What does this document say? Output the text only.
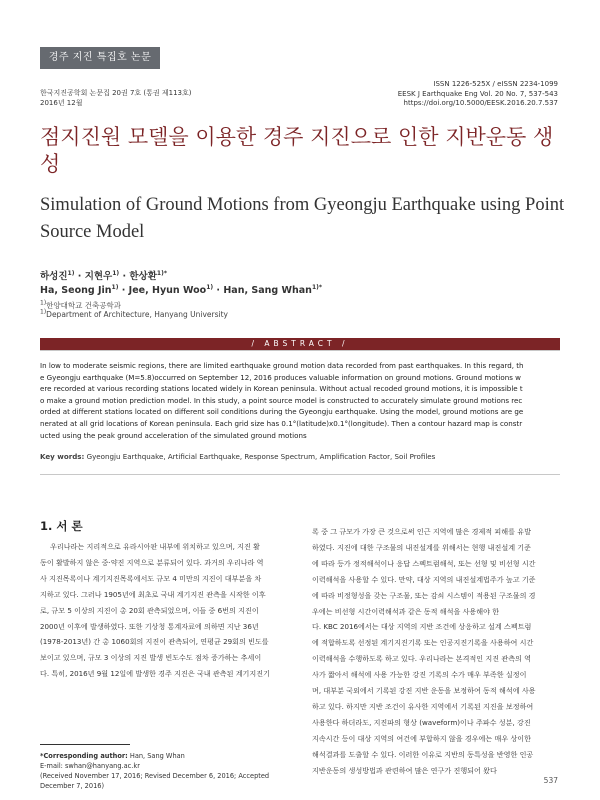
경주 지진 특집호 논문
한국지진공학회 논문집 20권 7호 (통권 제113호)
2016년 12월
ISSN 1226-525X / eISSN 2234-1099
EESK J Earthquake Eng Vol. 20 No. 7, 537-543
https://doi.org/10.5000/EESK.2016.20.7.537
점지진원 모델을 이용한 경주 지진으로 인한 지반운동 생성
Simulation of Ground Motions from Gyeongju Earthquake using Point Source Model
하성진$^{1)}$ · 지현우$^{1)}$ · 한상환$^{1)*}$
Ha, Seong Jin$^{1)}$ · Jee, Hyun Woo$^{1)}$ · Han, Sang Whan$^{1)*}$
$^{1)}$한양대학교 건축공학과
$^{1)}$Department of Architecture, Hanyang University
/ ABSTRACT /
In low to moderate seismic regions, there are limited earthquake ground motion data recorded from past earthquakes. In this regard, th
e Gyeongju earthquake (M=5.8)occurred on September 12, 2016 produces valuable information on ground motions. Ground motions w
ere recorded at various recording stations located widely in Korean peninsula. Without actual recoded ground motions, it is impossible t
o make a ground motion prediction model. In this study, a point source model is constructed to accurately simulate ground motions rec
orded at different stations located on different soil conditions during the Gyeongju earthquake. Using the model, ground motions are ge
nerated at all grid locations of Korean peninsula. Each grid size has 0.1°(latitude)x0.1°(longitude). Then a contour hazard map is constr
ucted using the peak ground acceleration of the simulated ground motions
Key words: Gyeongju Earthquake, Artificial Earthquake, Response Spectrum, Amplification Factor, Soil Profiles
1. 서 론
우리나라는 지리적으로 유라시아판 내부에 위치하고 있으며, 지진 활
동이 활발하지 않은 중·약진 지역으로 분류되어 있다. 과거의 우리나라 역
사 지진목록이나 계기지진목록에서도 규모 4 미만의 지진이 대부분을 차
지하고 있다. 그러나 1905년에 최초로 국내 계기지진 관측을 시작한 이후
로, 규모 5 이상의 지진이 총 20회 관측되었으며, 이들 중 6번의 지진이
2000년 이후에 발생하였다. 또한 기상청 통계자료에 의하면 지난 36년
(1978-2013년) 간 총 1060회의 지진이 관측되어, 연평균 29회의 빈도를
보이고 있으며, 규모 3 이상의 지진 발생 빈도수도 점차 증가하는 추세이
다. 특히, 2016년 9월 12일에 발생한 경주 지진은 국내 관측된 계기지진기
록 중 그 규모가 가장 큰 것으로써 인근 지역에 많은 경제적 피해를 유발
하였다. 지진에 대한 구조물의 내진설계를 위해서는 현행 내진설계 기준
에 따라 등가 정적해석이나 응답 스펙트럼해석, 또는 선형 및 비선형 시간
이력해석을 사용할 수 있다. 만약, 대상 지역의 내진설계법주가 높고 기준
에 따라 비정형성을 갖는 구조물, 또는 감쇠 시스템이 적용된 구조물의 경
우에는 비선형 시간이력해석과 같은 동적 해석을 사용해야 한
다. KBC 2016에서는 대상 지역의 지반 조건에 상응하고 설계 스펙트럼
에 적합하도록 선정된 계기지진기록 또는 인공지진기록을 사용하여 시간
이력해석을 수행하도록 하고 있다. 우리나라는 본격적인 지진 관측의 역
사가 짧아서 해석에 사용 가능한 강진 기록의 수가 매우 부족한 실정이
며, 대부분 국외에서 기록된 강진 지반 운동을 보정하여 동적 해석에 사용
하고 있다. 하지만 지반 조건이 유사한 지역에서 기록된 지진을 보정하여
사용한다 하더라도, 지진파의 형상 (waveform)이나 주파수 성분, 강진
지속시간 등이 대상 지역의 여건에 부합하지 않을 경우에는 매우 상이한
해석결과를 도출할 수 있다. 이러한 이유로 지반의 동특성을 반영한 인공
지반운동의 생성방법과 관련하여 많은 연구가 진행되어 왔다
*Corresponding author: Han, Sang Whan
E-mail: swhan@hanyang.ac.kr
(Received November 17, 2016; Revised December 6, 2016; Accepted
December 7, 2016)
537
